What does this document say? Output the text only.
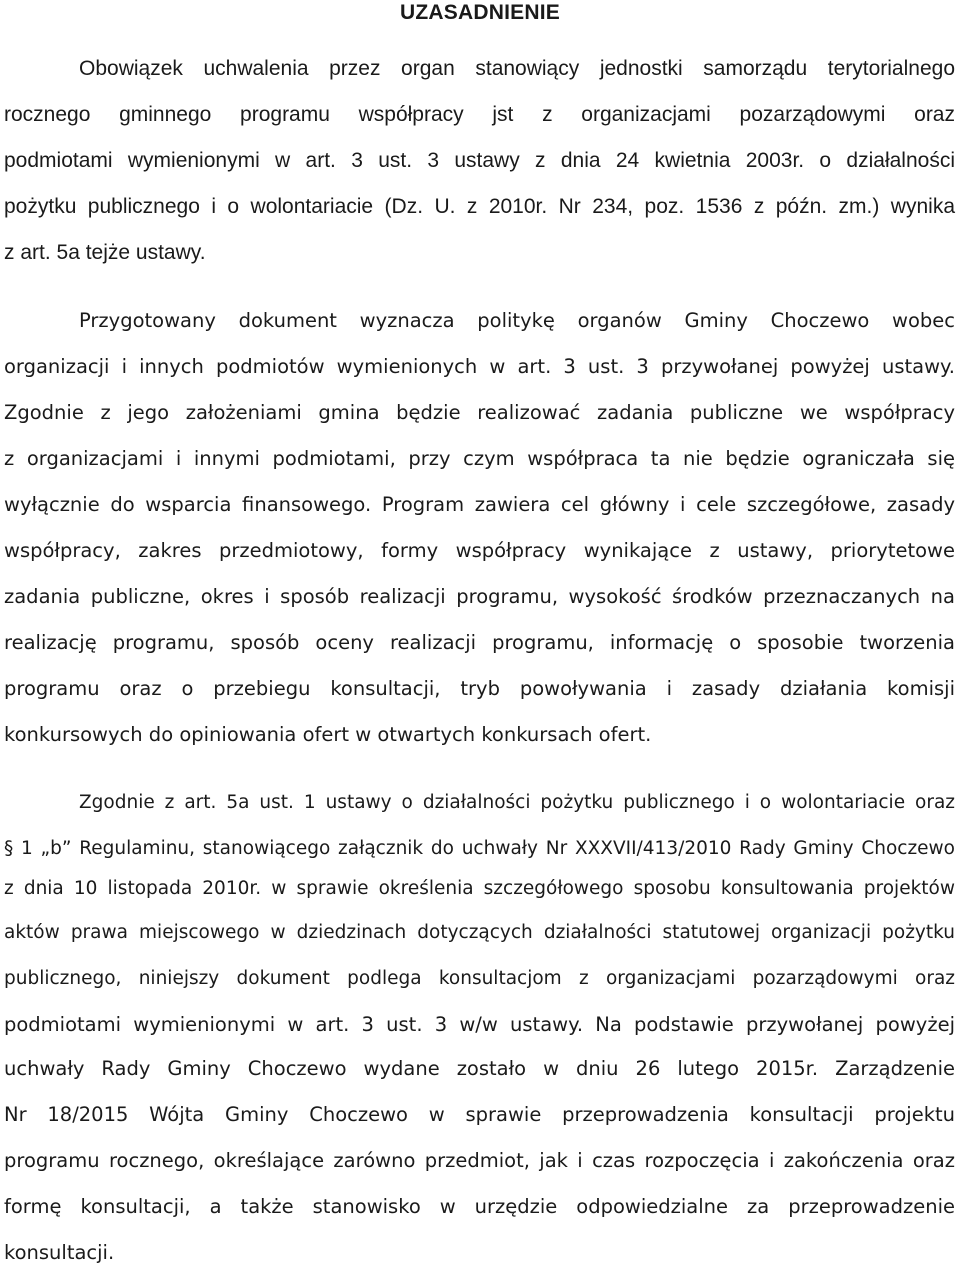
UZASADNIENIE
Obowiązek uchwalenia przez organ stanowiący jednostki samorządu terytorialnego
rocznego gminnego programu współpracy jst z organizacjami pozarządowymi oraz
podmiotami wymienionymi w art. 3 ust. 3 ustawy z dnia 24 kwietnia 2003r. o działalności
pożytku publicznego i o wolontariacie (Dz. U. z 2010r. Nr 234, poz. 1536 z późn. zm.) wynika
z art. 5a tejże ustawy.
Przygotowany dokument wyznacza politykę organów Gminy Choczewo wobec
organizacji i innych podmiotów wymienionych w art. 3 ust. 3 przywołanej powyżej ustawy.
Zgodnie z jego założeniami gmina będzie realizować zadania publiczne we współpracy
z organizacjami i innymi podmiotami, przy czym współpraca ta nie będzie ograniczała się
wyłącznie do wsparcia finansowego. Program zawiera cel główny i cele szczegółowe, zasady
współpracy, zakres przedmiotowy, formy współpracy wynikające z ustawy, priorytetowe
zadania publiczne, okres i sposób realizacji programu, wysokość środków przeznaczanych na
realizację programu, sposób oceny realizacji programu, informację o sposobie tworzenia
programu oraz o przebiegu konsultacji, tryb powoływania i zasady działania komisji
konkursowych do opiniowania ofert w otwartych konkursach ofert.
Zgodnie z art. 5a ust. 1 ustawy o działalności pożytku publicznego i o wolontariacie oraz
§ 1 „b” Regulaminu, stanowiącego załącznik do uchwały Nr XXXVII/413/2010 Rady Gminy Choczewo
z dnia 10 listopada 2010r. w sprawie określenia szczegółowego sposobu konsultowania projektów
aktów prawa miejscowego w dziedzinach dotyczących działalności statutowej organizacji pożytku
publicznego, niniejszy dokument podlega konsultacjom z organizacjami pozarządowymi oraz
podmiotami wymienionymi w art. 3 ust. 3 w/w ustawy. Na podstawie przywołanej powyżej
uchwały Rady Gminy Choczewo wydane zostało w dniu 26 lutego 2015r. Zarządzenie
Nr 18/2015 Wójta Gminy Choczewo w sprawie przeprowadzenia konsultacji projektu
programu rocznego, określające zarówno przedmiot, jak i czas rozpoczęcia i zakończenia oraz
formę konsultacji, a także stanowisko w urzędzie odpowiedzialne za przeprowadzenie
konsultacji.
